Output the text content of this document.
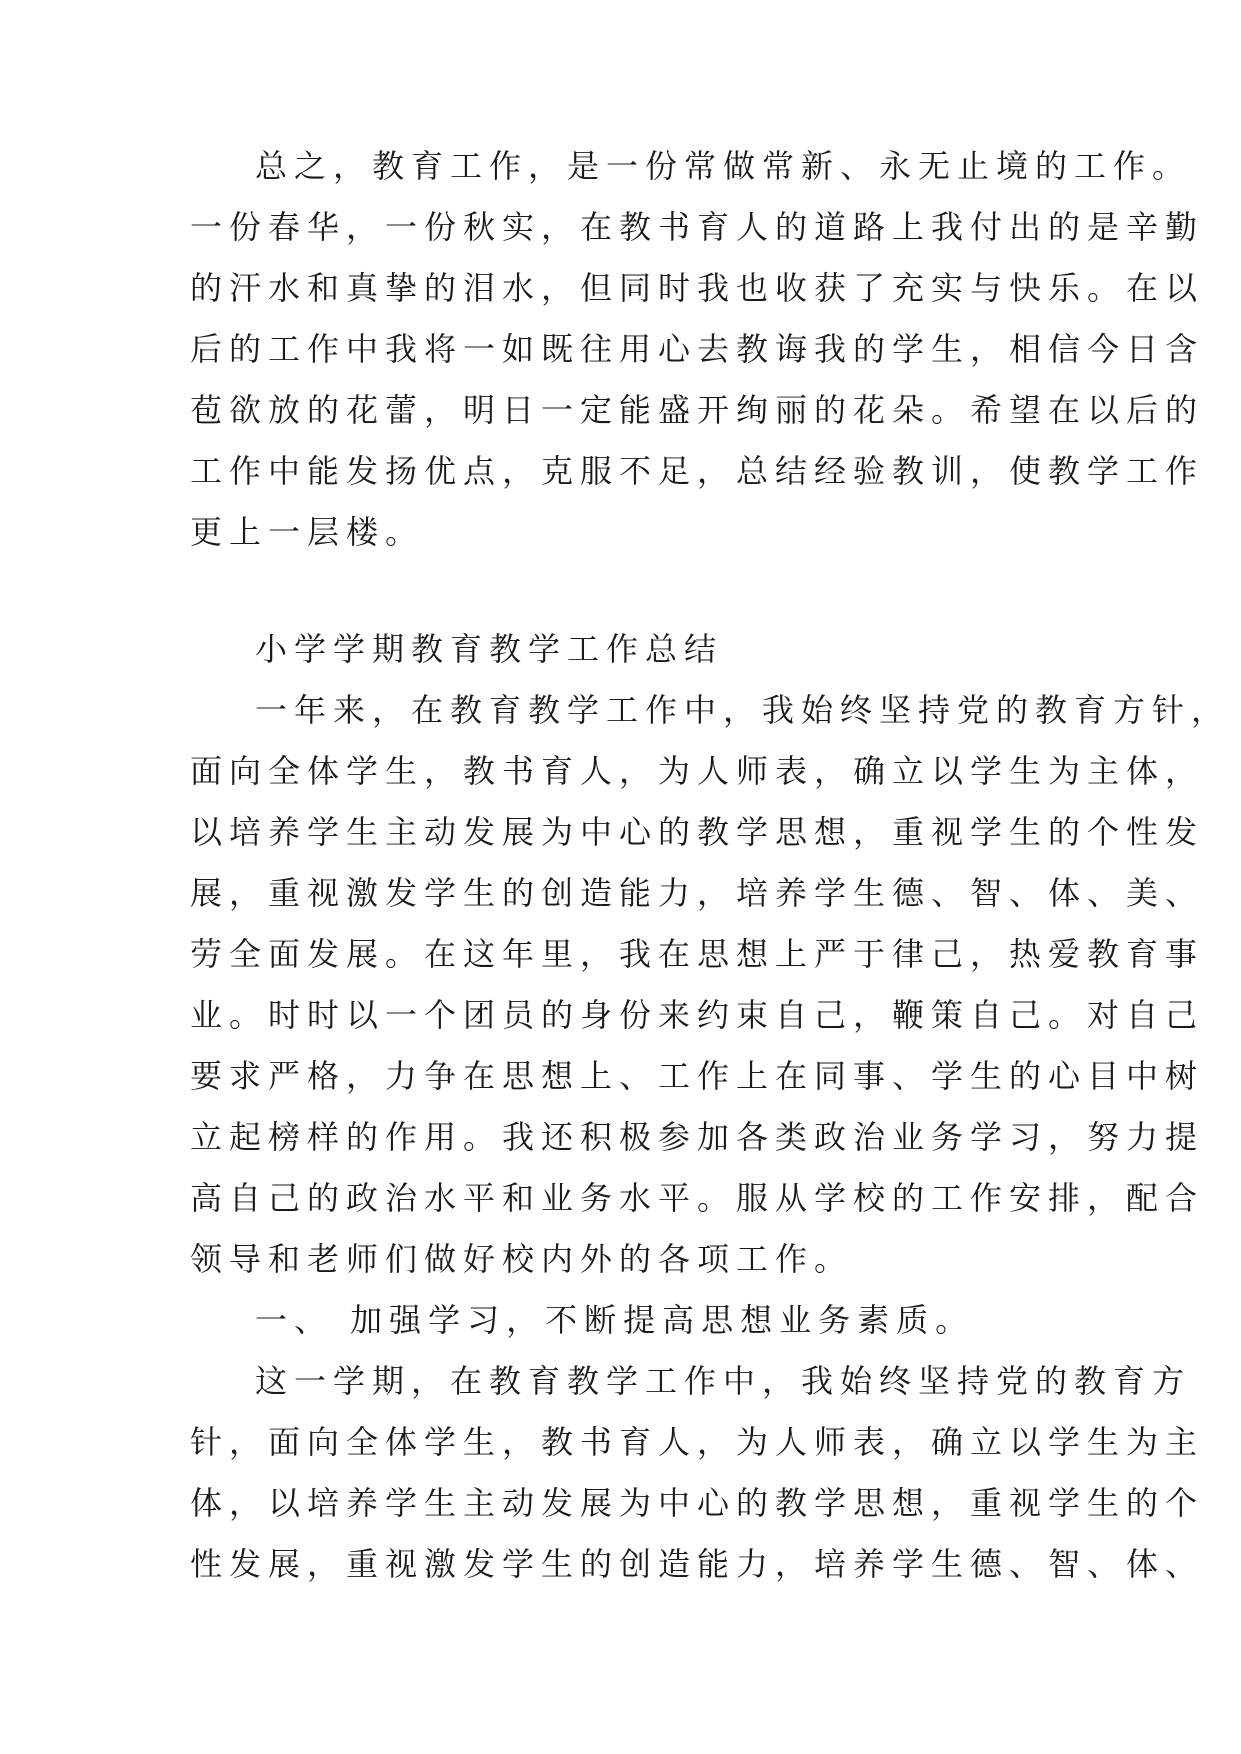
总之，教育工作，是一份常做常新、永无止境的工作。
一份春华，一份秋实，在教书育人的道路上我付出的是辛勤
的汗水和真挚的泪水，但同时我也收获了充实与快乐。在以
后的工作中我将一如既往用心去教诲我的学生，相信今日含
苞欲放的花蕾，明日一定能盛开绚丽的花朵。希望在以后的
工作中能发扬优点，克服不足，总结经验教训，使教学工作
更上一层楼。
小学学期教育教学工作总结
一年来，在教育教学工作中，我始终坚持党的教育方针，
面向全体学生，教书育人，为人师表，确立以学生为主体，
以培养学生主动发展为中心的教学思想，重视学生的个性发
展，重视激发学生的创造能力，培养学生德、智、体、美、
劳全面发展。在这年里，我在思想上严于律己，热爱教育事
业。时时以一个团员的身份来约束自己，鞭策自己。对自己
要求严格，力争在思想上、工作上在同事、学生的心目中树
立起榜样的作用。我还积极参加各类政治业务学习，努力提
高自己的政治水平和业务水平。服从学校的工作安排，配合
领导和老师们做好校内外的各项工作。
一、 加强学习，不断提高思想业务素质。
这一学期，在教育教学工作中，我始终坚持党的教育方
针，面向全体学生，教书育人，为人师表，确立以学生为主
体，以培养学生主动发展为中心的教学思想，重视学生的个
性发展，重视激发学生的创造能力，培养学生德、智、体、
